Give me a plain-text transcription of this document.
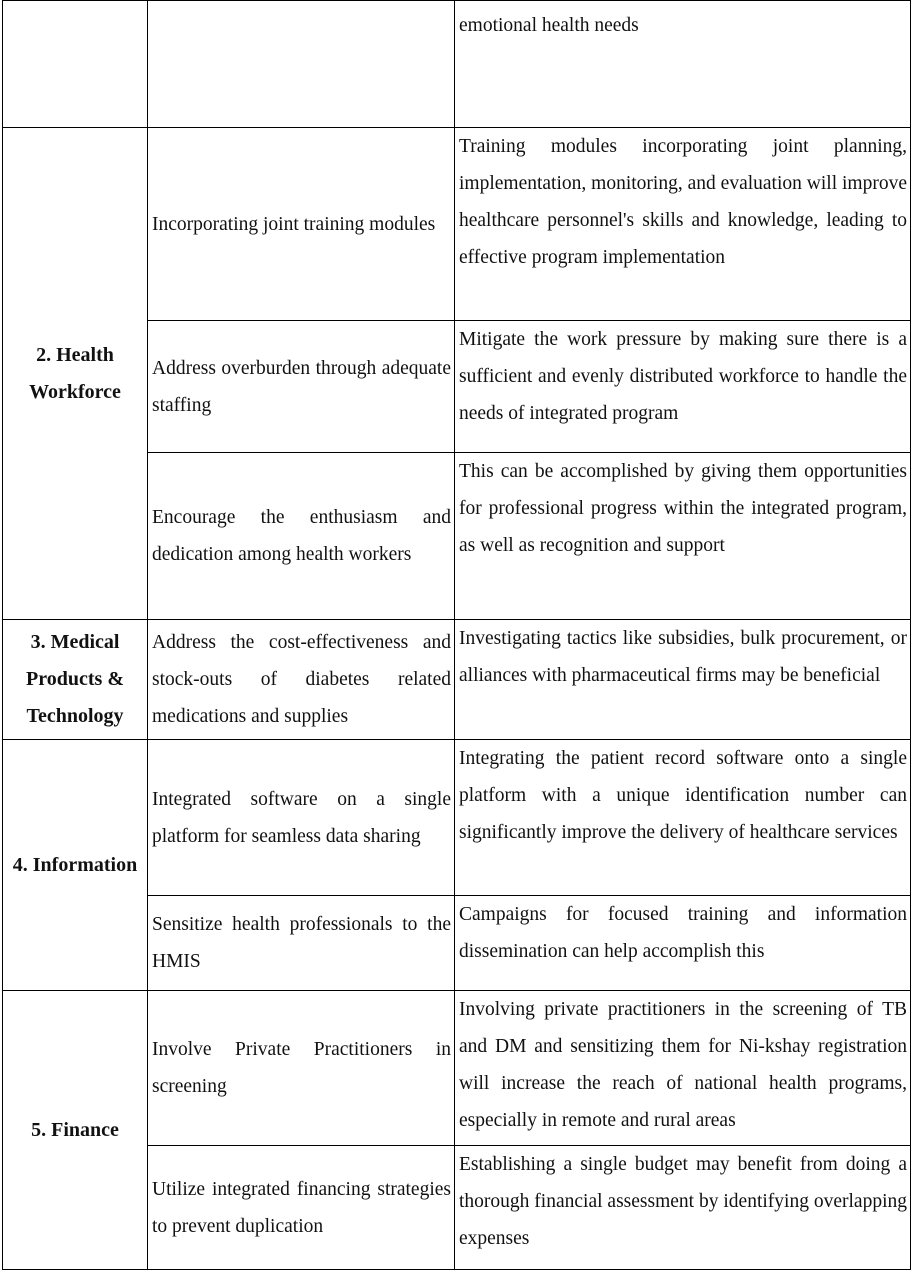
		emotional health needs
2. Health Workforce	Incorporating joint training modules	Training modules incorporating joint planning, implementation, monitoring, and evaluation will improve healthcare personnel's skills and knowledge, leading to effective program implementation
	Address overburden through adequate staffing	Mitigate the work pressure by making sure there is a sufficient and evenly distributed workforce to handle the needs of integrated program
	Encourage the enthusiasm and dedication among health workers	This can be accomplished by giving them opportunities for professional progress within the integrated program, as well as recognition and support
3. Medical Products & Technology	Address the cost-effectiveness and stock-outs of diabetes related medications and supplies	Investigating tactics like subsidies, bulk procurement, or alliances with pharmaceutical firms may be beneficial
4. Information	Integrated software on a single platform for seamless data sharing	Integrating the patient record software onto a single platform with a unique identification number can significantly improve the delivery of healthcare services
	Sensitize health professionals to the HMIS	Campaigns for focused training and information dissemination can help accomplish this
5. Finance	Involve Private Practitioners in screening	Involving private practitioners in the screening of TB and DM and sensitizing them for Ni-kshay registration will increase the reach of national health programs, especially in remote and rural areas
	Utilize integrated financing strategies to prevent duplication	Establishing a single budget may benefit from doing a thorough financial assessment by identifying overlapping expenses
